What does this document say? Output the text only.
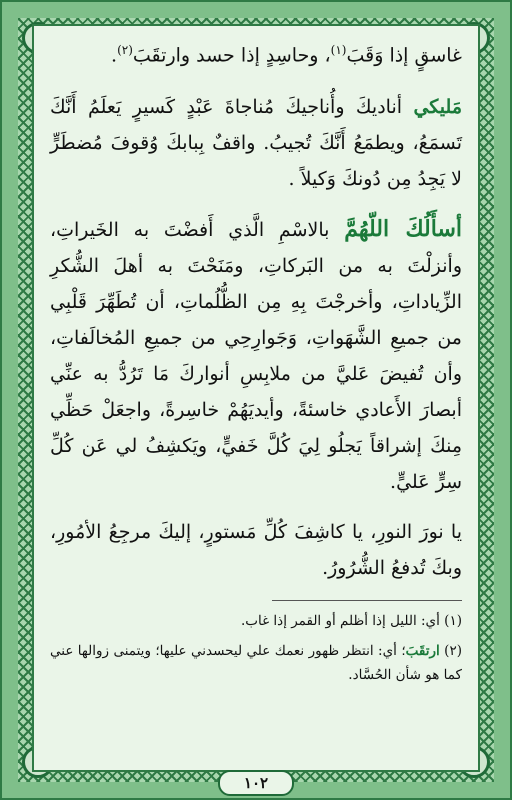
غاسقٍ إذا وَقَبَ$^{(١)}$، وحاسِدٍ إذا حسد وارتقَبَ$^{(٢)}$.

مَليكي أناديكَ وأُناجيكَ مُناجاةَ عَبْدٍ كَسيرٍ يَعلَمُ أَنَّكَ تَسمَعُ، ويطمَعُ أَنَّكَ تُجيبُ. واقفٌ بِبابكَ وُقوفَ مُضطَرٍّ لا يَجِدُ مِن دُونكَ وَكيلاً .

أسأَلُكَ اللّهُمَّ بالاسْمِ الَّذي أَفضْتَ به الخَيراتِ، وأنزلْتَ به من البَركاتِ، ومَنَحْتَ به أهلَ الشُّكرِ الزِّياداتِ، وأخرجْتَ بِهِ مِن الظُّلُماتِ، أن تُطَهِّرَ قَلْبِي من جميعِ الشَّهَواتِ، وَجَوارِحِي من جميعِ المُخالَفاتِ، وأن تُفيضَ عَليَّ من ملابِسِ أنواركَ مَا تَرُدُّ به عنِّي أبصارَ الأَعادي خاسئةً، وأيديَهُمْ خاسِرةً، واجعَلْ حَظِّي مِنكَ إشراقاً يَجلُو لِيَ كُلَّ خَفيٍّ، ويَكشِفُ لي عَن كُلِّ سِرٍّ عَليٍّ.

يا نورَ النورِ، يا كاشِفَ كُلِّ مَستورٍ، إليكَ مرجِعُ الأمُورِ، وبكَ تُدفعُ الشُّرُورُ.

(١) أي: الليل إذا أظلم أو القمر إذا غاب.

(٢) ارتقَبَ؛ أي: انتظر ظهور نعمك علي ليحسدني عليها؛ ويتمنى زوالها عني كما هو شأن الحُسَّاد.

١٠٢
